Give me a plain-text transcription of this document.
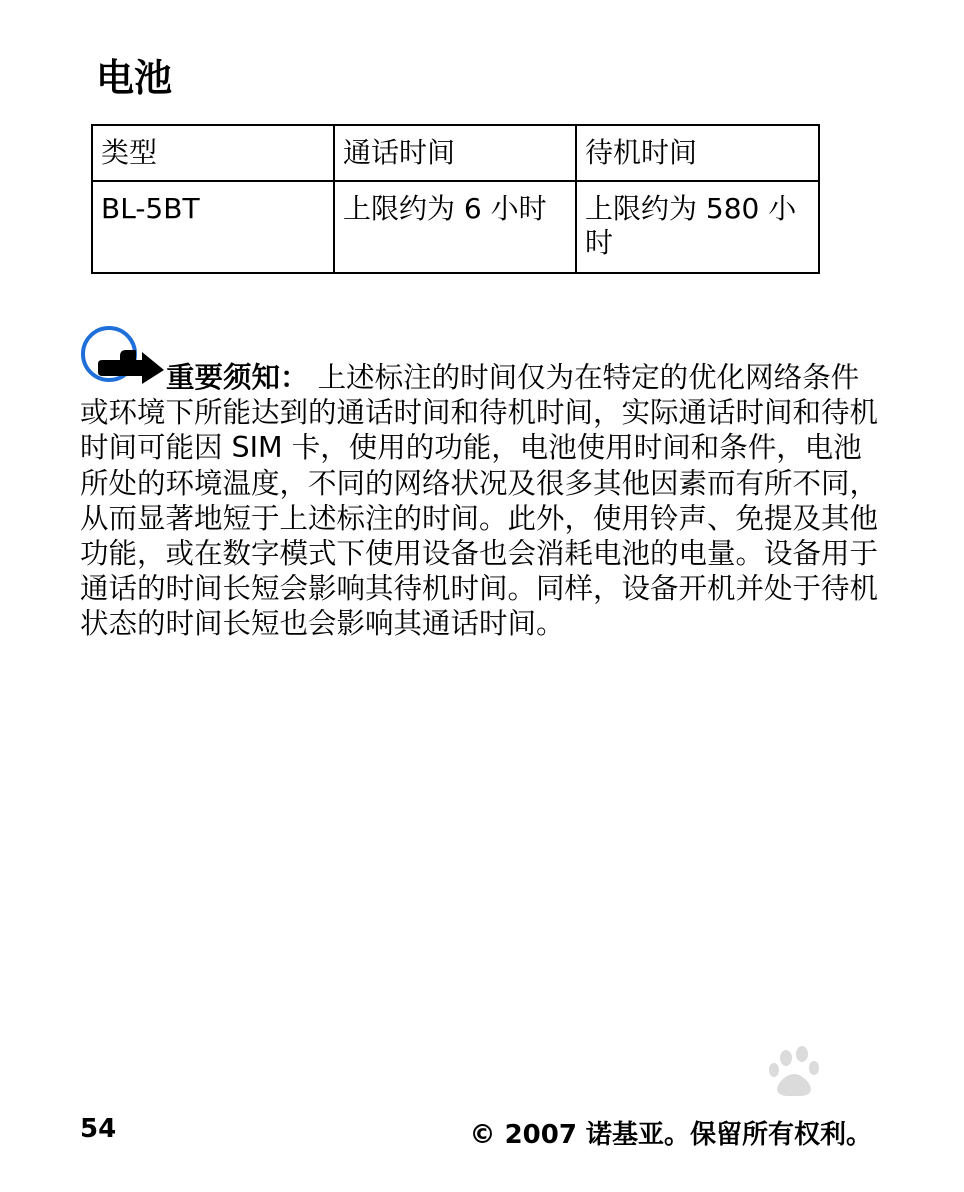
电池
类型	通话时间	待机时间
BL-5BT	上限约为 6 小时	上限约为 580 小时
重要须知： 上述标注的时间仅为在特定的优化网络条件或环境下所能达到的通话时间和待机时间，实际通话时间和待机时间可能因 SIM 卡，使用的功能，电池使用时间和条件，电池所处的环境温度，不同的网络状况及很多其他因素而有所不同，从而显著地短于上述标注的时间。此外，使用铃声、免提及其他功能，或在数字模式下使用设备也会消耗电池的电量。设备用于通话的时间长短会影响其待机时间。同样，设备开机并处于待机状态的时间长短也会影响其通话时间。
54	© 2007 诺基亚。保留所有权利。
